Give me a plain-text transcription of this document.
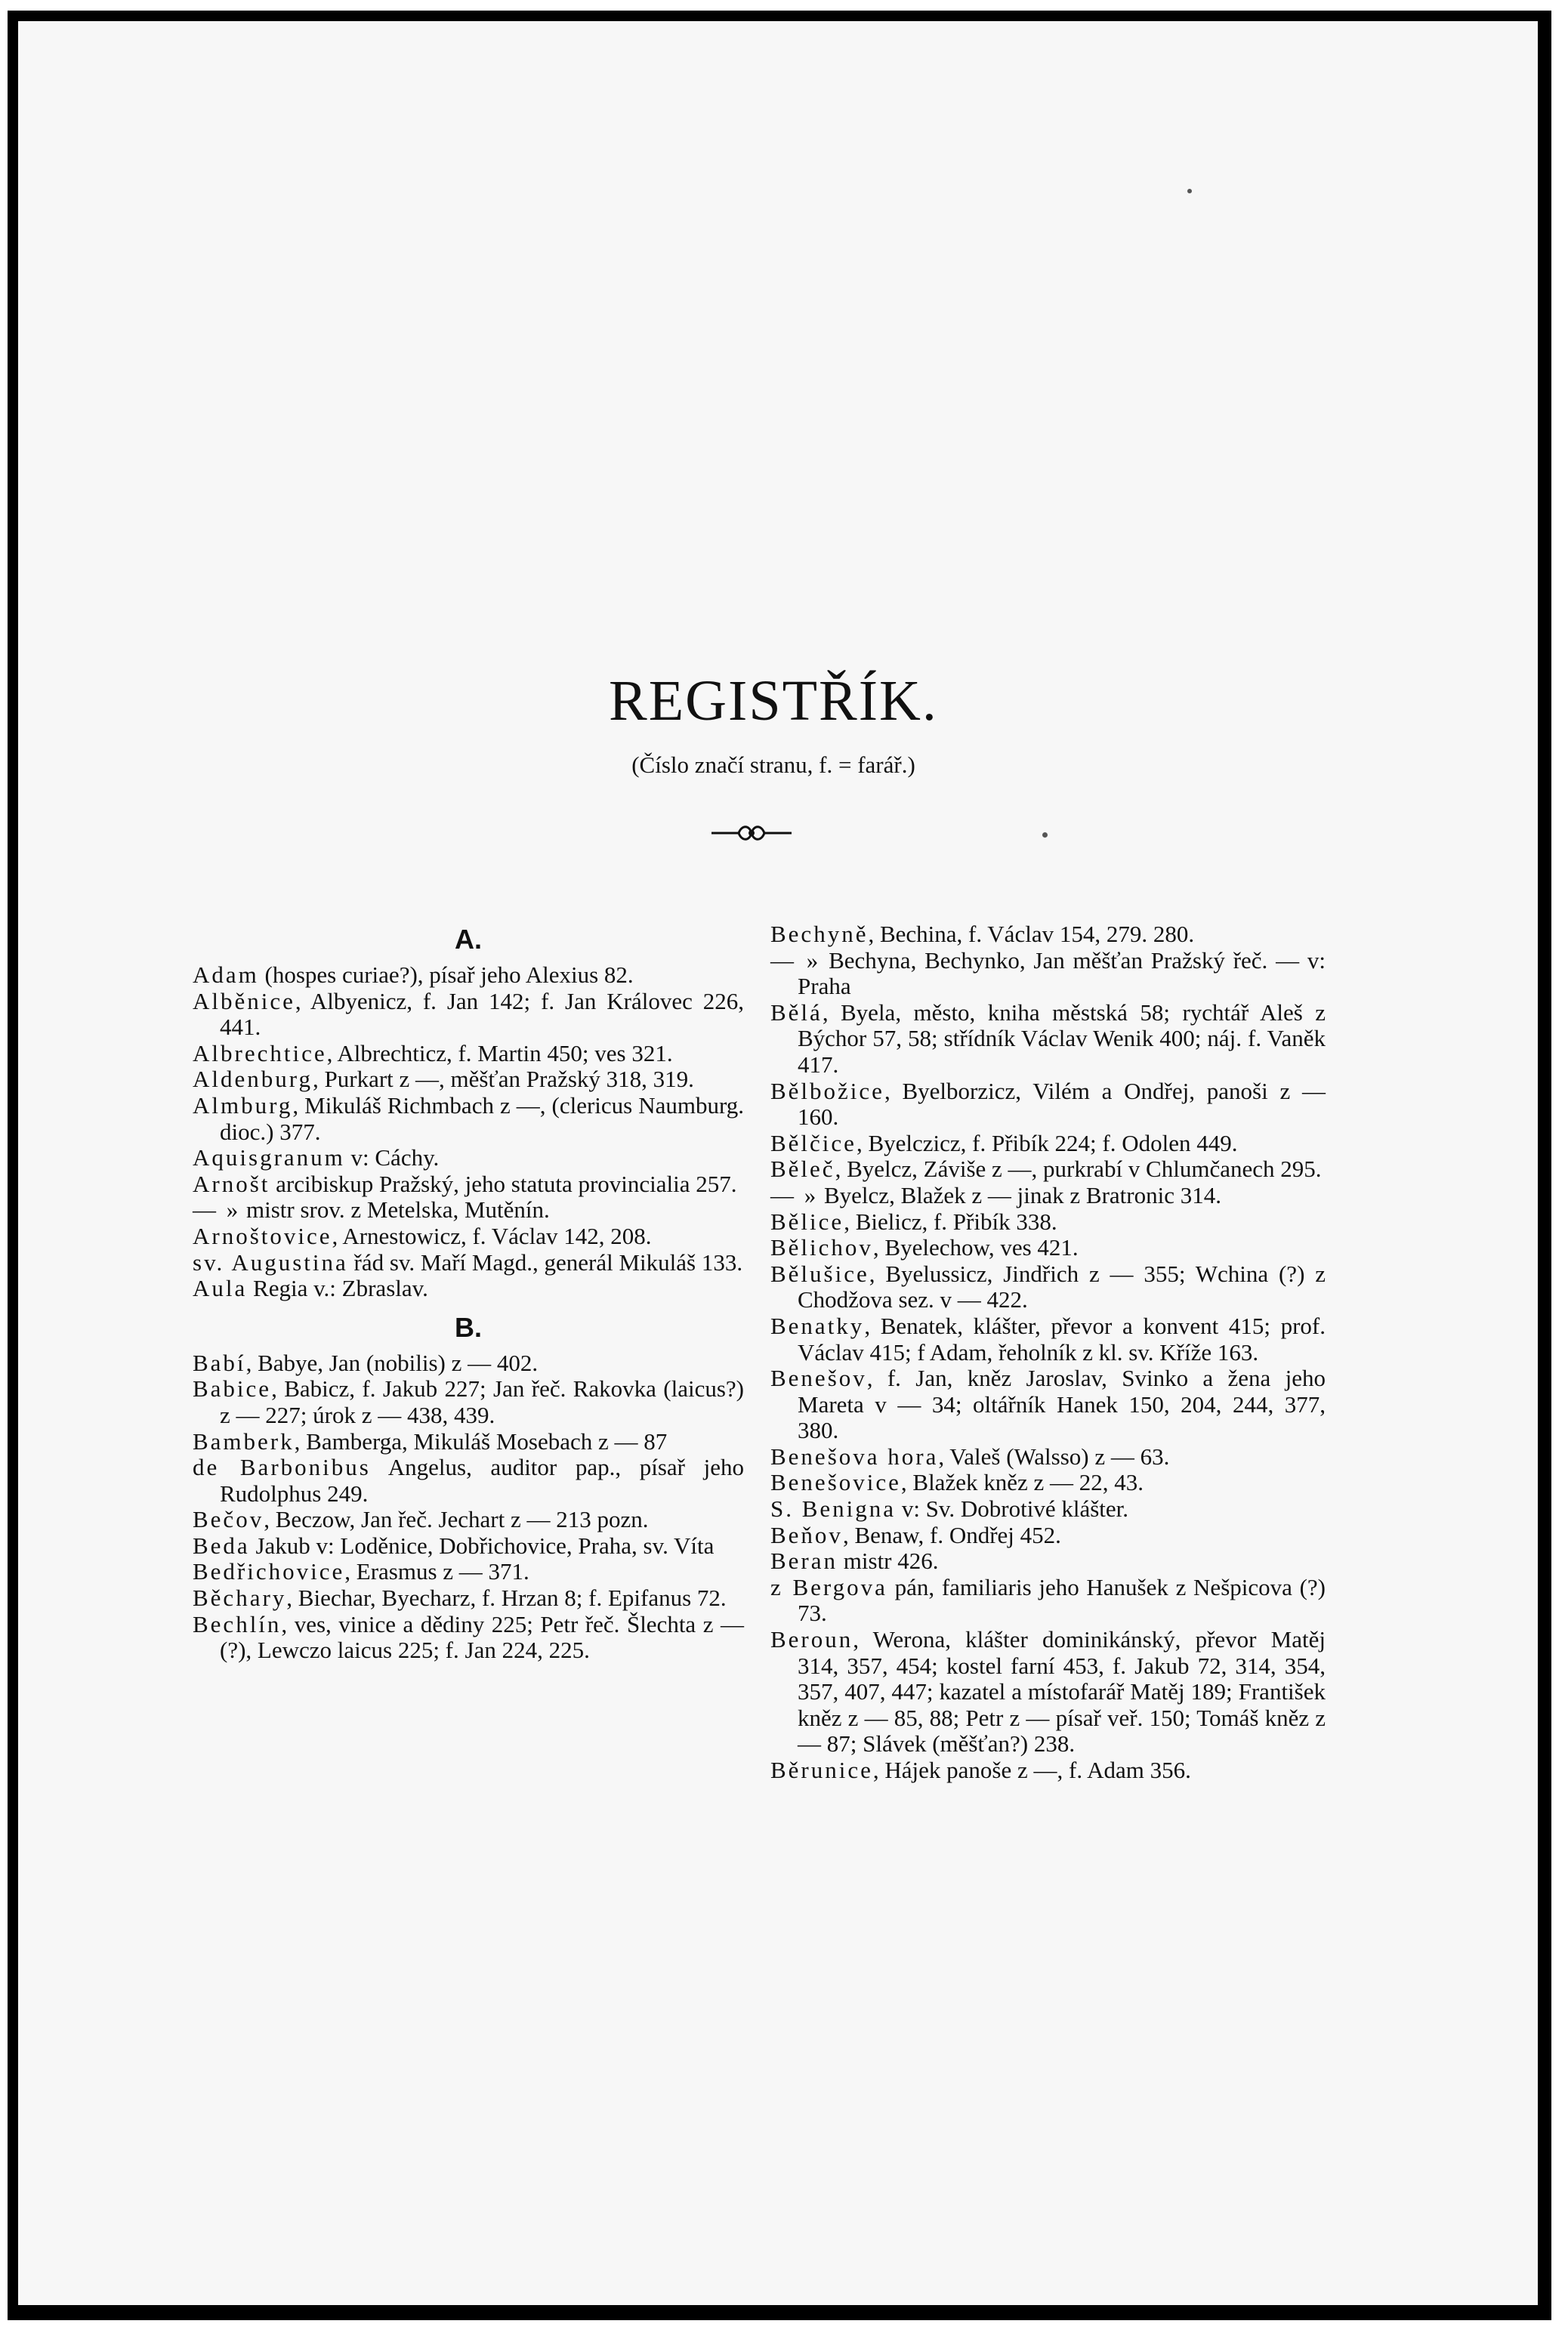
REGISTŘÍK.
(Číslo značí stranu, f. = farář.)
A.
Adam (hospes curiae?), písař jeho Alexius 82.
Alběnice, Albyenicz, f. Jan 142; f. Jan Královec 226, 441.
Albrechtice, Albrechticz, f. Martin 450; ves 321.
Aldenburg, Purkart z —, měšťan Pražský 318, 319.
Almburg, Mikuláš Richmbach z —, (clericus Naumburg. dioc.) 377.
Aquisgranum v: Cáchy.
Arnošt arcibiskup Pražský, jeho statuta provincialia 257.
— » mistr srov. z Metelska, Mutěnín.
Arnoštovice, Arnestowicz, f. Václav 142, 208.
sv. Augustina řád sv. Maří Magd., generál Mikuláš 133.
Aula Regia v.: Zbraslav.
B.
Babí, Babye, Jan (nobilis) z — 402.
Babice, Babicz, f. Jakub 227; Jan řeč. Rakovka (laicus?) z — 227; úrok z — 438, 439.
Bamberk, Bamberga, Mikuláš Mosebach z — 87
de Barbonibus Angelus, auditor pap., písař jeho Rudolphus 249.
Bečov, Beczow, Jan řeč. Jechart z — 213 pozn.
Beda Jakub v: Loděnice, Dobřichovice, Praha, sv. Víta
Bedřichovice, Erasmus z — 371.
Běchary, Biechar, Byecharz, f. Hrzan 8; f. Epifanus 72.
Bechlín, ves, vinice a dědiny 225; Petr řeč. Šlechta z — (?), Lewczo laicus 225; f. Jan 224, 225.
Bechyně, Bechina, f. Václav 154, 279. 280.
— » Bechyna, Bechynko, Jan měšťan Pražský řeč. — v: Praha
Bělá, Byela, město, kniha městská 58; rychtář Aleš z Býchor 57, 58; střídník Václav Wenik 400; náj. f. Vaněk 417.
Bělbožice, Byelborzicz, Vilém a Ondřej, panoši z — 160.
Bělčice, Byelczicz, f. Přibík 224; f. Odolen 449.
Běleč, Byelcz, Záviše z —, purkrabí v Chlumčanech 295.
— » Byelcz, Blažek z — jinak z Bratronic 314.
Bělice, Bielicz, f. Přibík 338.
Bělichov, Byelechow, ves 421.
Bělušice, Byelussicz, Jindřich z — 355; Wchina (?) z Chodžova sez. v — 422.
Benatky, Benatek, klášter, převor a konvent 415; prof. Václav 415; f Adam, řeholník z kl. sv. Kříže 163.
Benešov, f. Jan, kněz Jaroslav, Svinko a žena jeho Mareta v — 34; oltářník Hanek 150, 204, 244, 377, 380.
Benešova hora, Valeš (Walsso) z — 63.
Benešovice, Blažek kněz z — 22, 43.
S. Benigna v: Sv. Dobrotivé klášter.
Beňov, Benaw, f. Ondřej 452.
Beran mistr 426.
z Bergova pán, familiaris jeho Hanušek z Nešpicova (?) 73.
Beroun, Werona, klášter dominikánský, převor Matěj 314, 357, 454; kostel farní 453, f. Jakub 72, 314, 354, 357, 407, 447; kazatel a místofarář Matěj 189; František kněz z — 85, 88; Petr z — písař veř. 150; Tomáš kněz z — 87; Slávek (měšťan?) 238.
Běrunice, Hájek panoše z —, f. Adam 356.
